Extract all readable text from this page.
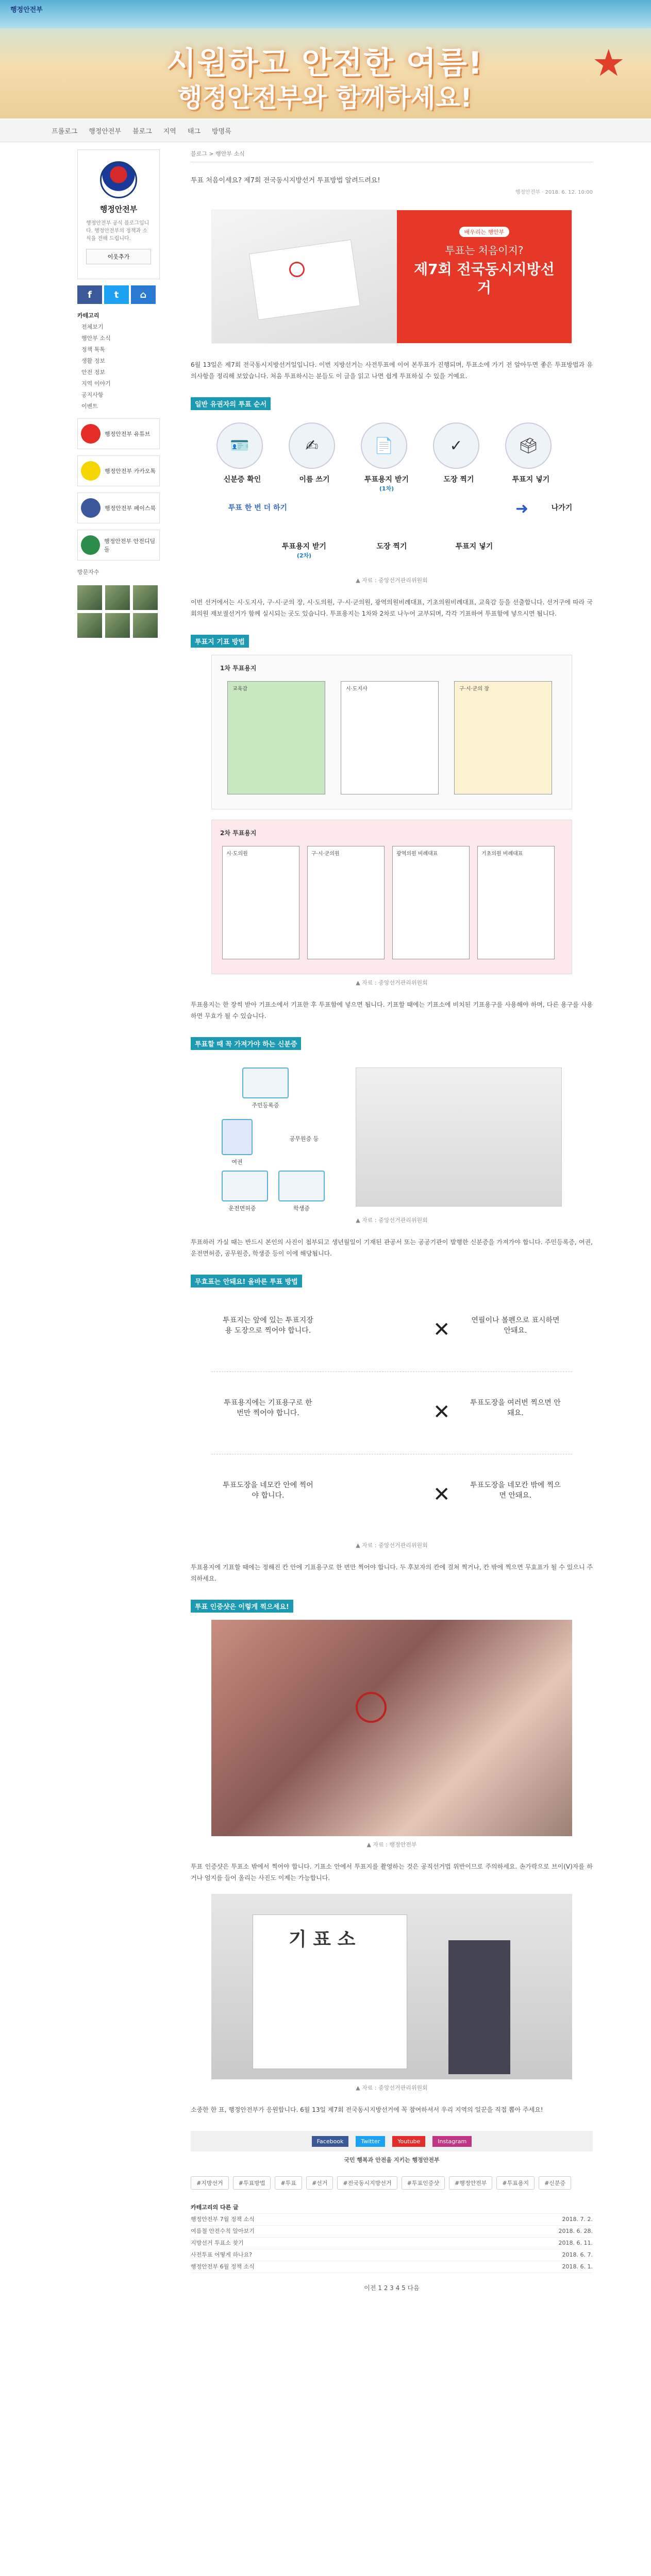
행정안전부
★
시원하고 안전한 여름!
행정안전부와 함께하세요!
프롤로그 행정안전부 블로그 지역 태그 방명록
행정안전부

행정안전부 공식 블로그입니다. 행정안전부의 정책과 소식을 전해 드립니다.

이웃추가
f	t	⌂
카테고리
전체보기
행안부 소식
정책 톡톡
생활 정보
안전 정보
지역 이야기
공지사항
이벤트
행정안전부 유튜브
행정안전부 카카오톡
행정안전부 페이스북
행정안전부 안전디딤돌
방문자수
블로그 > 행안부 소식
투표 처음이세요? 제7회 전국동시지방선거 투표방법 알려드려요!
행정안전부 · 2018. 6. 12. 10:00
배우리는 행안부
투표는 처음이지?
제7회 전국동시지방선거

6월 13일은 제7회 전국동시지방선거일입니다. 이번 지방선거는 사전투표에 이어 본투표가 진행되며, 투표소에 가기 전 알아두면 좋은 투표방법과 유의사항을 정리해 보았습니다. 처음 투표하시는 분들도 이 글을 읽고 나면 쉽게 투표하실 수 있을 거예요.

일반 유권자의 투표 순서
🪪	✍	📄	✓	🗳
신분증 확인	이름 쓰기	투표용지 받기
(1차)
도장 찍기	투표지 넣기
투표 한 번 더 하기	➜	나가기
투표용지 받기
(2차)
도장 찍기	투표지 넣기
▲ 자료 : 중앙선거관리위원회

이번 선거에서는 시·도지사, 구·시·군의 장, 시·도의원, 구·시·군의원, 광역의원비례대표, 기초의원비례대표, 교육감 등을 선출합니다. 선거구에 따라 국회의원 재보궐선거가 함께 실시되는 곳도 있습니다. 투표용지는 1차와 2차로 나누어 교부되며, 각각 기표하여 투표함에 넣으시면 됩니다.

투표지 기표 방법
1차 투표용지
교육감	시·도지사	구·시·군의 장
2차 투표용지
시·도의원	구·시·군의원	광역의원 비례대표	기초의원 비례대표
▲ 자료 : 중앙선거관리위원회

투표용지는 한 장씩 받아 기표소에서 기표한 후 투표함에 넣으면 됩니다. 기표할 때에는 기표소에 비치된 기표용구를 사용해야 하며, 다른 용구를 사용하면 무효가 될 수 있습니다.

투표할 때 꼭 가져가야 하는 신분증
주민등록증
여권
운전면허증	학생증
공무원증 등
▲ 자료 : 중앙선거관리위원회

투표하러 가실 때는 반드시 본인의 사진이 첩부되고 생년월일이 기재된 관공서 또는 공공기관이 발행한 신분증을 가져가야 합니다. 주민등록증, 여권, 운전면허증, 공무원증, 학생증 등이 이에 해당됩니다.

무효표는 안돼요! 올바른 투표 방법
투표지는 앞에 있는 투표지장용 도장으로 찍어야 합니다.	✕	연필이나 볼펜으로 표시하면 안돼요.
투표용지에는 기표용구로 한 번만 찍어야 합니다.	✕	투표도장을 여러번 찍으면 안돼요.
투표도장을 네모칸 안에 찍어야 합니다.	✕	투표도장을 네모칸 밖에 찍으면 안돼요.
▲ 자료 : 중앙선거관리위원회

투표용지에 기표할 때에는 정해진 칸 안에 기표용구로 한 번만 찍어야 합니다. 두 후보자의 칸에 걸쳐 찍거나, 칸 밖에 찍으면 무효표가 될 수 있으니 주의하세요.

투표 인증샷은 이렇게 찍으세요!
▲ 자료 : 행정안전부

투표 인증샷은 투표소 밖에서 찍어야 합니다. 기표소 안에서 투표지를 촬영하는 것은 공직선거법 위반이므로 주의하세요. 손가락으로 브이(V)자를 하거나 엄지를 들어 올리는 사진도 이제는 가능합니다.

기 표 소
▲ 자료 : 중앙선거관리위원회

소중한 한 표, 행정안전부가 응원합니다. 6월 13일 제7회 전국동시지방선거에 꼭 참여하셔서 우리 지역의 일꾼을 직접 뽑아 주세요!

Facebook	Twitter	Youtube	Instagram
국민 행복과 안전을 지키는 행정안전부
#지방선거	#투표방법	#투표	#선거	#전국동시지방선거	#투표인증샷	#행정안전부	#투표용지	#신분증
카테고리의 다른 글
행정안전부 7월 정책 소식	2018. 7. 2.
여름철 안전수칙 알아보기	2018. 6. 28.
지방선거 투표소 찾기	2018. 6. 11.
사전투표 어떻게 하나요?	2018. 6. 7.
행정안전부 6월 정책 소식	2018. 6. 1.
이전 1 2 3 4 5 다음
